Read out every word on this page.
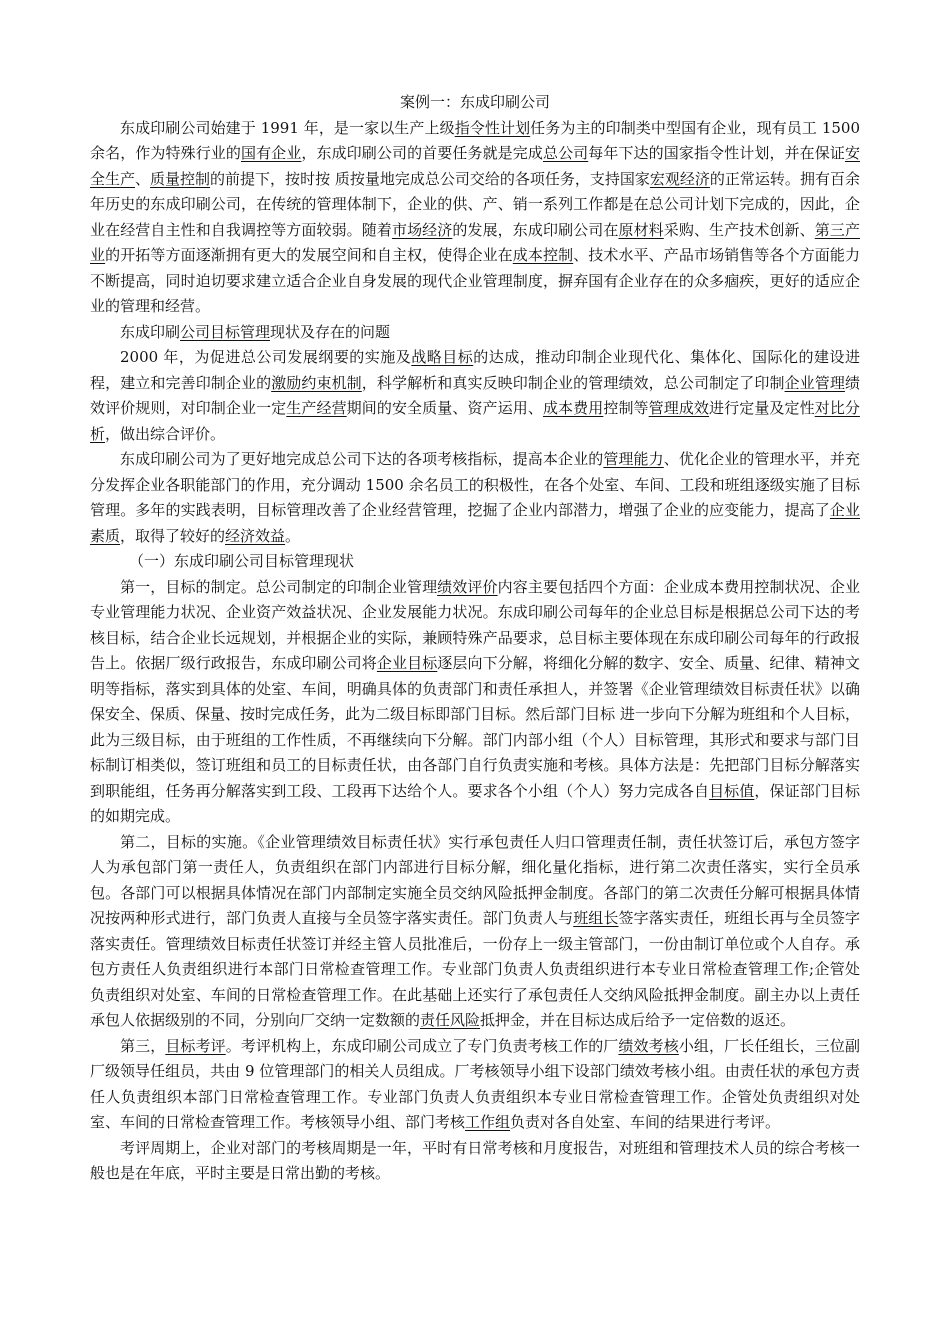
案例一：东成印刷公司

东成印刷公司始建于 1991 年，是一家以生产上级指令性计划任务为主的印制类中型国有企业，现有员工 1500 余名，作为特殊行业的国有企业，东成印刷公司的首要任务就是完成总公司每年下达的国家指令性计划，并在保证安全生产、质量控制的前提下，按时按 质按量地完成总公司交给的各项任务，支持国家宏观经济的正常运转。拥有百余年历史的东成印刷公司，在传统的管理体制下，企业的供、产、销一系列工作都是在总公司计划下完成的，因此，企业在经营自主性和自我调控等方面较弱。随着市场经济的发展，东成印刷公司在原材料采购、生产技术创新、第三产业的开拓等方面逐渐拥有更大的发展空间和自主权，使得企业在成本控制、技术水平、产品市场销售等各个方面能力不断提高，同时迫切要求建立适合企业自身发展的现代企业管理制度，摒弃国有企业存在的众多痼疾，更好的适应企业的管理和经营。

东成印刷公司目标管理现状及存在的问题

2000 年，为促进总公司发展纲要的实施及战略目标的达成，推动印制企业现代化、集体化、国际化的建设进程，建立和完善印制企业的激励约束机制，科学解析和真实反映印制企业的管理绩效，总公司制定了印制企业管理绩效评价规则，对印制企业一定生产经营期间的安全质量、资产运用、成本费用控制等管理成效进行定量及定性对比分析，做出综合评价。

东成印刷公司为了更好地完成总公司下达的各项考核指标，提高本企业的管理能力、优化企业的管理水平，并充分发挥企业各职能部门的作用，充分调动 1500 余名员工的积极性，在各个处室、车间、工段和班组逐级实施了目标管理。多年的实践表明，目标管理改善了企业经营管理，挖掘了企业内部潜力，增强了企业的应变能力，提高了企业素质，取得了较好的经济效益。

（一）东成印刷公司目标管理现状

第一，目标的制定。总公司制定的印制企业管理绩效评价内容主要包括四个方面：企业成本费用控制状况、企业专业管理能力状况、企业资产效益状况、企业发展能力状况。东成印刷公司每年的企业总目标是根据总公司下达的考核目标，结合企业长远规划，并根据企业的实际，兼顾特殊产品要求，总目标主要体现在东成印刷公司每年的行政报告上。依据厂级行政报告，东成印刷公司将企业目标逐层向下分解，将细化分解的数字、安全、质量、纪律、精神文明等指标，落实到具体的处室、车间，明确具体的负责部门和责任承担人，并签署《企业管理绩效目标责任状》以确保安全、保质、保量、按时完成任务，此为二级目标即部门目标。然后部门目标 进一步向下分解为班组和个人目标，此为三级目标，由于班组的工作性质，不再继续向下分解。部门内部小组（个人）目标管理，其形式和要求与部门目标制订相类似，签订班组和员工的目标责任状，由各部门自行负责实施和考核。具体方法是：先把部门目标分解落实到职能组，任务再分解落实到工段、工段再下达给个人。要求各个小组（个人）努力完成各自目标值，保证部门目标的如期完成。

第二，目标的实施。《企业管理绩效目标责任状》实行承包责任人归口管理责任制，责任状签订后，承包方签字人为承包部门第一责任人，负责组织在部门内部进行目标分解，细化量化指标，进行第二次责任落实，实行全员承包。各部门可以根据具体情况在部门内部制定实施全员交纳风险抵押金制度。各部门的第二次责任分解可根据具体情况按两种形式进行，部门负责人直接与全员签字落实责任。部门负责人与班组长签字落实责任，班组长再与全员签字落实责任。管理绩效目标责任状签订并经主管人员批准后，一份存上一级主管部门，一份由制订单位或个人自存。承包方责任人负责组织进行本部门日常检查管理工作。专业部门负责人负责组织进行本专业日常检查管理工作;企管处负责组织对处室、车间的日常检查管理工作。在此基础上还实行了承包责任人交纳风险抵押金制度。副主办以上责任承包人依据级别的不同，分别向厂交纳一定数额的责任风险抵押金，并在目标达成后给予一定倍数的返还。

第三，目标考评。考评机构上，东成印刷公司成立了专门负责考核工作的厂绩效考核小组，厂长任组长，三位副厂级领导任组员，共由 9 位管理部门的相关人员组成。厂考核领导小组下设部门绩效考核小组。由责任状的承包方责任人负责组织本部门日常检查管理工作。专业部门负责人负责组织本专业日常检查管理工作。企管处负责组织对处室、车间的日常检查管理工作。考核领导小组、部门考核工作组负责对各自处室、车间的结果进行考评。

考评周期上，企业对部门的考核周期是一年，平时有日常考核和月度报告，对班组和管理技术人员的综合考核一般也是在年底，平时主要是日常出勤的考核。
